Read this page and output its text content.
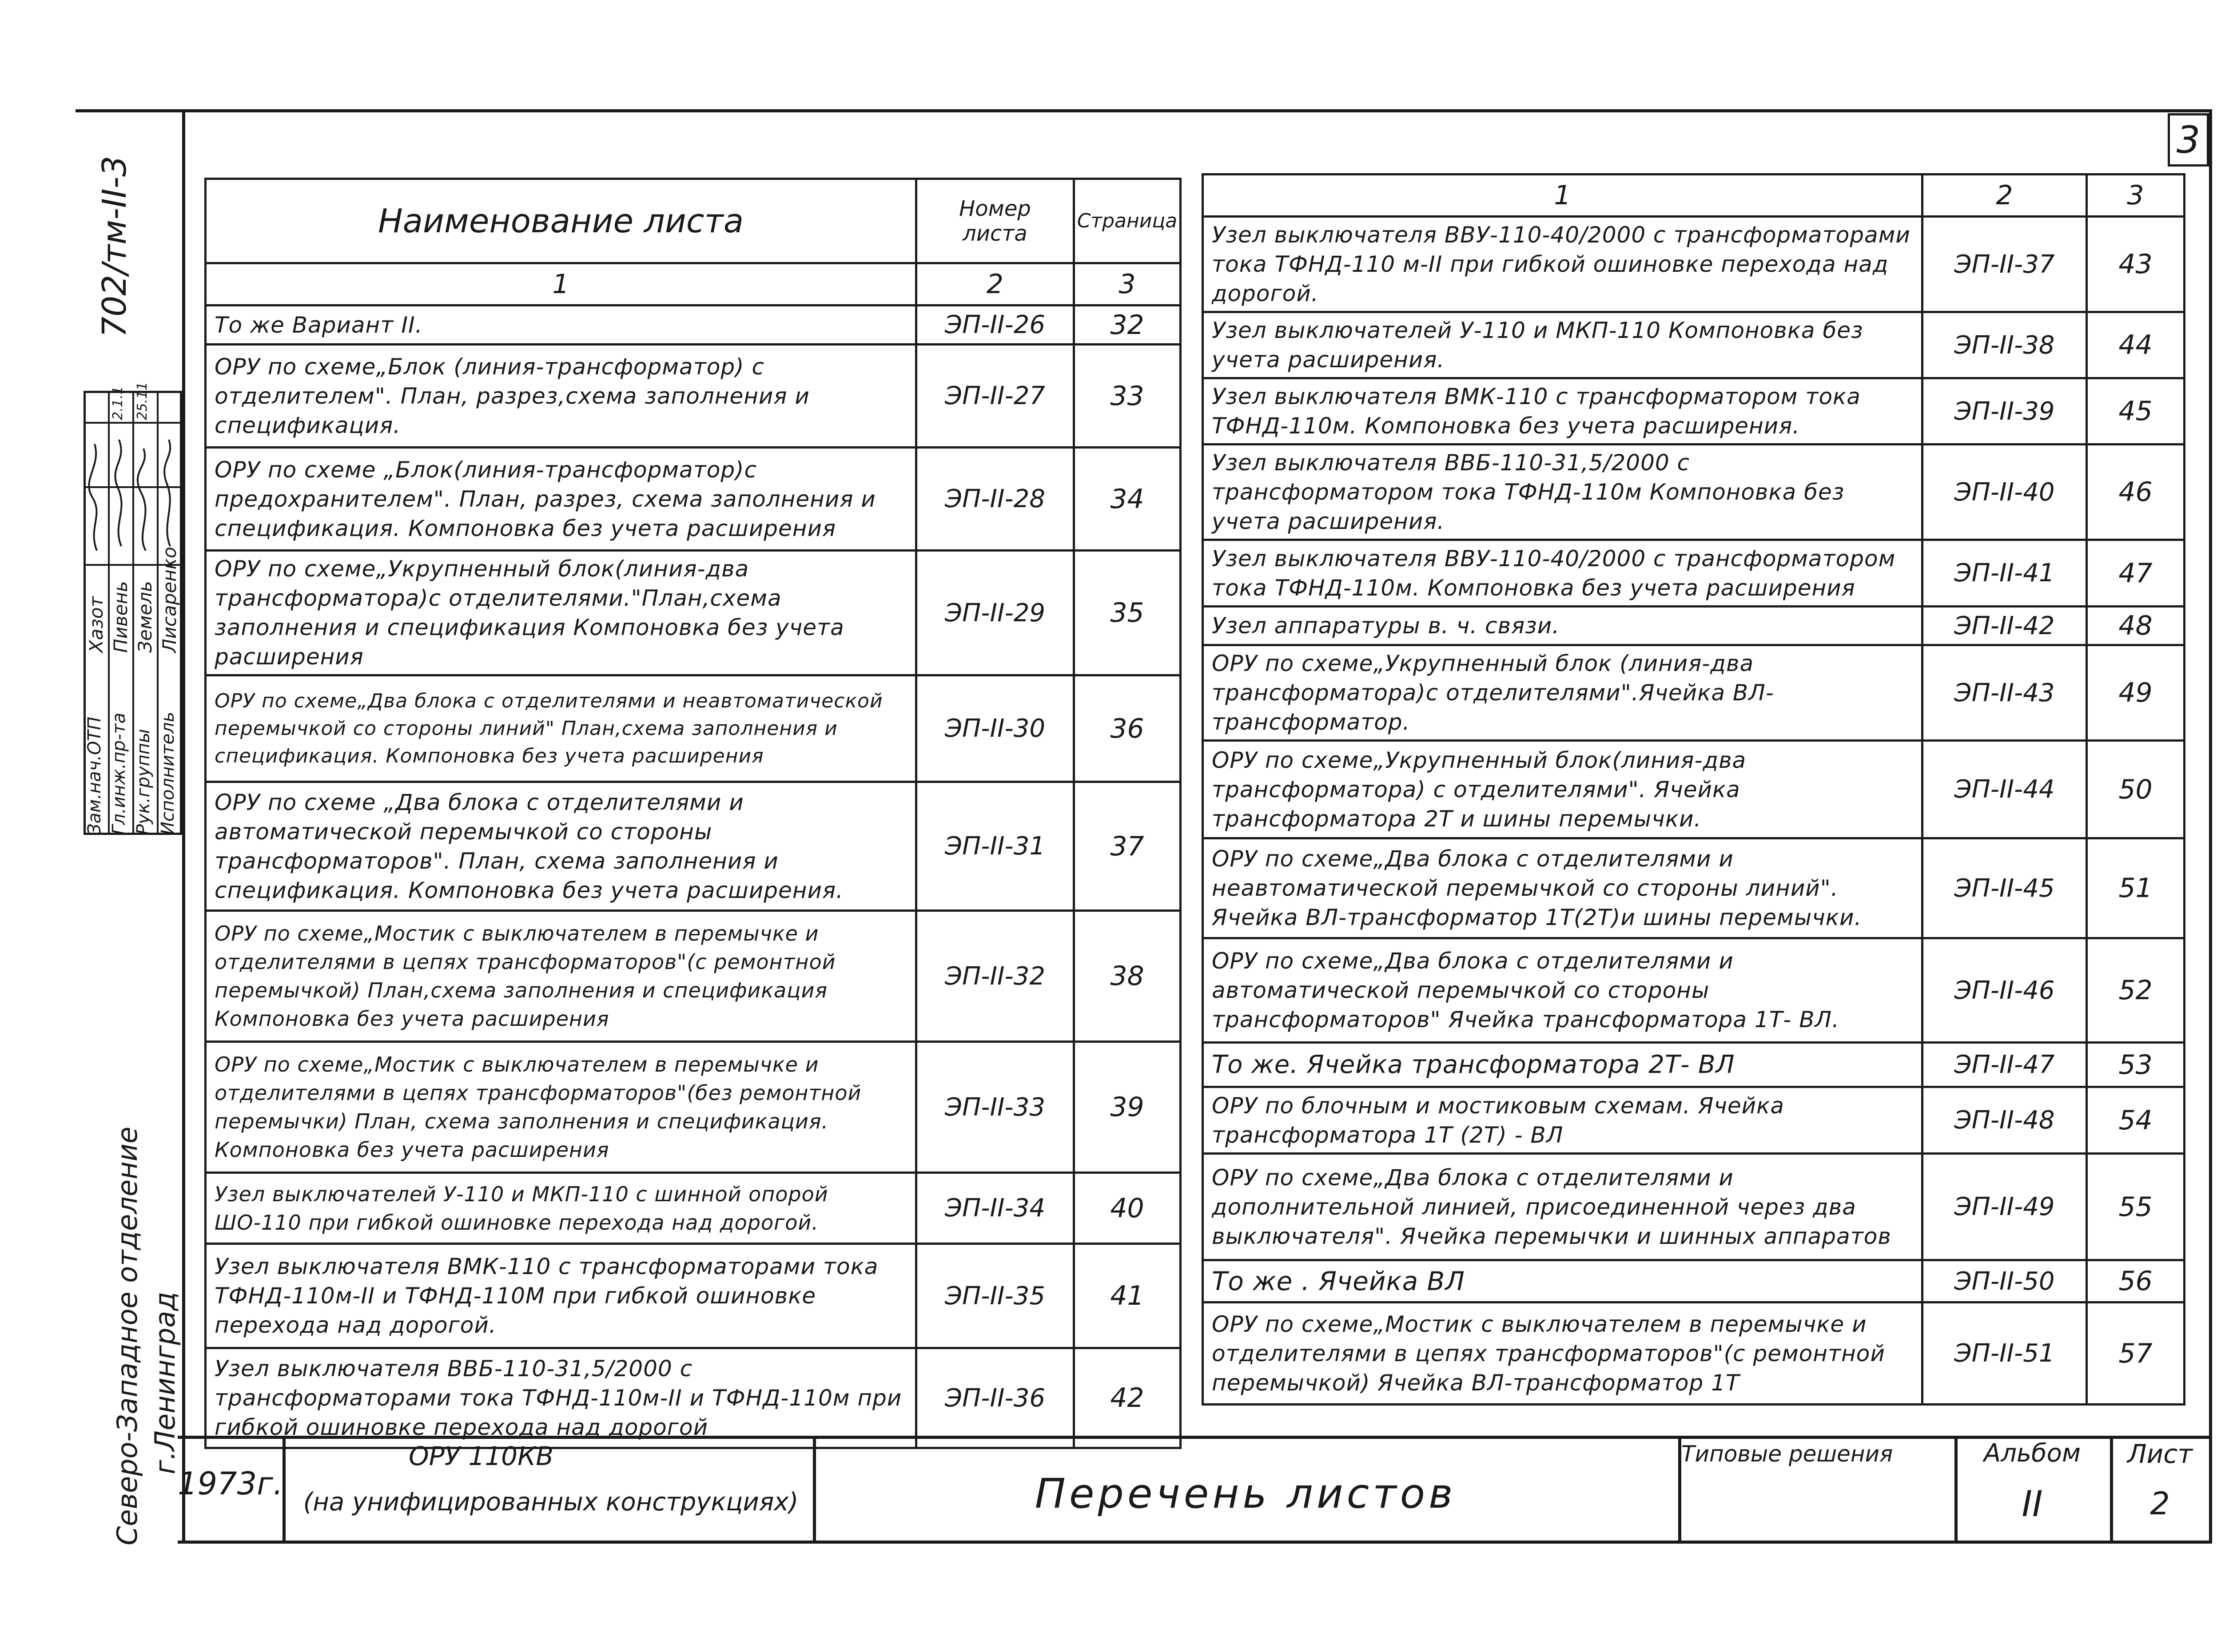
3
702/тм-II-3
Зам.нач.ОТП Гл.инж.пр-та Рук.группы Исполнитель
Хазот Пивень Земель Лисаренко
2.1.1 25.11
Северо-Западное отделение г.Ленинград
Наименование листа	Номер листа	Страница
1	2	3
То же Вариант II.	ЭП-II-26	32
ОРУ по схеме„Блок (линия-трансформатор) с отделителем". План, разрез,схема заполнения и спецификация.	ЭП-II-27	33
ОРУ по схеме „Блок(линия-трансформатор)с предохранителем". План, разрез, схема заполнения и спецификация. Компоновка без учета расширения	ЭП-II-28	34
ОРУ по схеме„Укрупненный блок(линия-два трансформатора)с отделителями."План,схема заполнения и спецификация Компоновка без учета расширения	ЭП-II-29	35
ОРУ по схеме„Два блока с отделителями и неавтоматической перемычкой со стороны линий" План,схема заполнения и спецификация. Компоновка без учета расширения	ЭП-II-30	36
ОРУ по схеме „Два блока с отделителями и автоматической перемычкой со стороны трансформаторов". План, схема заполнения и спецификация. Компоновка без учета расширения.	ЭП-II-31	37
ОРУ по схеме„Мостик с выключателем в перемычке и отделителями в цепях трансформаторов"(с ремонтной перемычкой) План,схема заполнения и спецификация Компоновка без учета расширения	ЭП-II-32	38
ОРУ по схеме„Мостик с выключателем в перемычке и отделителями в цепях трансформаторов"(без ремонтной перемычки) План, схема заполнения и спецификация. Компоновка без учета расширения	ЭП-II-33	39
Узел выключателей У-110 и МКП-110 с шинной опорой ШО-110 при гибкой ошиновке перехода над дорогой.	ЭП-II-34	40
Узел выключателя ВМК-110 с трансформаторами тока ТФНД-110м-II и ТФНД-110М при гибкой ошиновке перехода над дорогой.	ЭП-II-35	41
Узел выключателя ВВБ-110-31,5/2000 с трансформаторами тока ТФНД-110м-II и ТФНД-110м при гибкой ошиновке перехода над дорогой	ЭП-II-36	42
1	2	3
Узел выключателя ВВУ-110-40/2000 с трансформаторами тока ТФНД-110 м-II при гибкой ошиновке перехода над дорогой.	ЭП-II-37	43
Узел выключателей У-110 и МКП-110 Компоновка без учета расширения.	ЭП-II-38	44
Узел выключателя ВМК-110 с трансформатором тока ТФНД-110м. Компоновка без учета расширения.	ЭП-II-39	45
Узел выключателя ВВБ-110-31,5/2000 с трансформатором тока ТФНД-110м Компоновка без учета расширения.	ЭП-II-40	46
Узел выключателя ВВУ-110-40/2000 с трансформатором тока ТФНД-110м. Компоновка без учета расширения	ЭП-II-41	47
Узел аппаратуры в. ч. связи.	ЭП-II-42	48
ОРУ по схеме„Укрупненный блок (линия-два трансформатора)с отделителями".Ячейка ВЛ-трансформатор.	ЭП-II-43	49
ОРУ по схеме„Укрупненный блок(линия-два трансформатора) с отделителями". Ячейка трансформатора 2Т и шины перемычки.	ЭП-II-44	50
ОРУ по схеме„Два блока с отделителями и неавтоматической перемычкой со стороны линий". Ячейка ВЛ-трансформатор 1Т(2Т)и шины перемычки.	ЭП-II-45	51
ОРУ по схеме„Два блока с отделителями и автоматической перемычкой со стороны трансформаторов" Ячейка трансформатора 1Т- ВЛ.	ЭП-II-46	52
То же. Ячейка трансформатора 2Т- ВЛ	ЭП-II-47	53
ОРУ по блочным и мостиковым схемам. Ячейка трансформатора 1Т (2Т) - ВЛ	ЭП-II-48	54
ОРУ по схеме„Два блока с отделителями и дополнительной линией, присоединенной через два выключателя". Ячейка перемычки и шинных аппаратов	ЭП-II-49	55
То же . Ячейка ВЛ	ЭП-II-50	56
ОРУ по схеме„Мостик с выключателем в перемычке и отделителями в цепях трансформаторов"(с ремонтной перемычкой) Ячейка ВЛ-трансформатор 1Т	ЭП-II-51	57
1973г.
ОРУ 110КВ
(на унифицированных конструкциях)	Перечень листов
Типовые решения	Альбом
II
Лист
2
